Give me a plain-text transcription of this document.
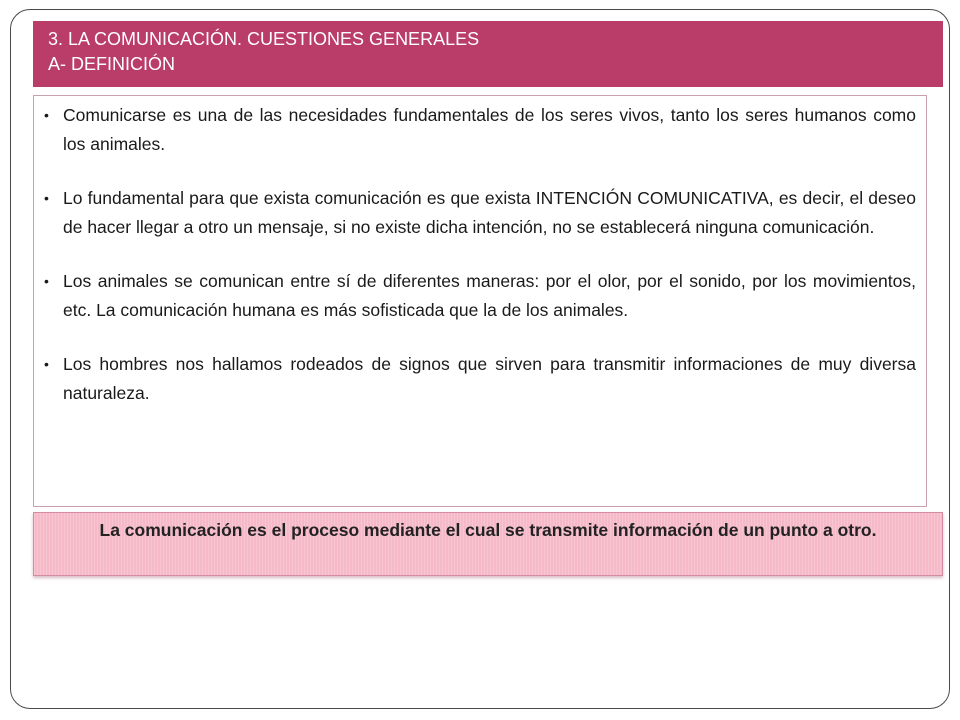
3. LA COMUNICACIÓN. CUESTIONES GENERALES
A- DEFINICIÓN
• Comunicarse es una de las necesidades fundamentales de los seres vivos, tanto los seres humanos como los animales.
• Lo fundamental para que exista comunicación es que exista INTENCIÓN COMUNICATIVA, es decir, el deseo de hacer llegar a otro un mensaje, si no existe dicha intención, no se establecerá ninguna comunicación.
• Los animales se comunican entre sí de diferentes maneras: por el olor, por el sonido, por los movimientos, etc. La comunicación humana es más sofisticada que la de los animales.
• Los hombres nos hallamos rodeados de signos que sirven para transmitir informaciones de muy diversa naturaleza.
La comunicación es el proceso mediante el cual se transmite información de un punto a otro.
